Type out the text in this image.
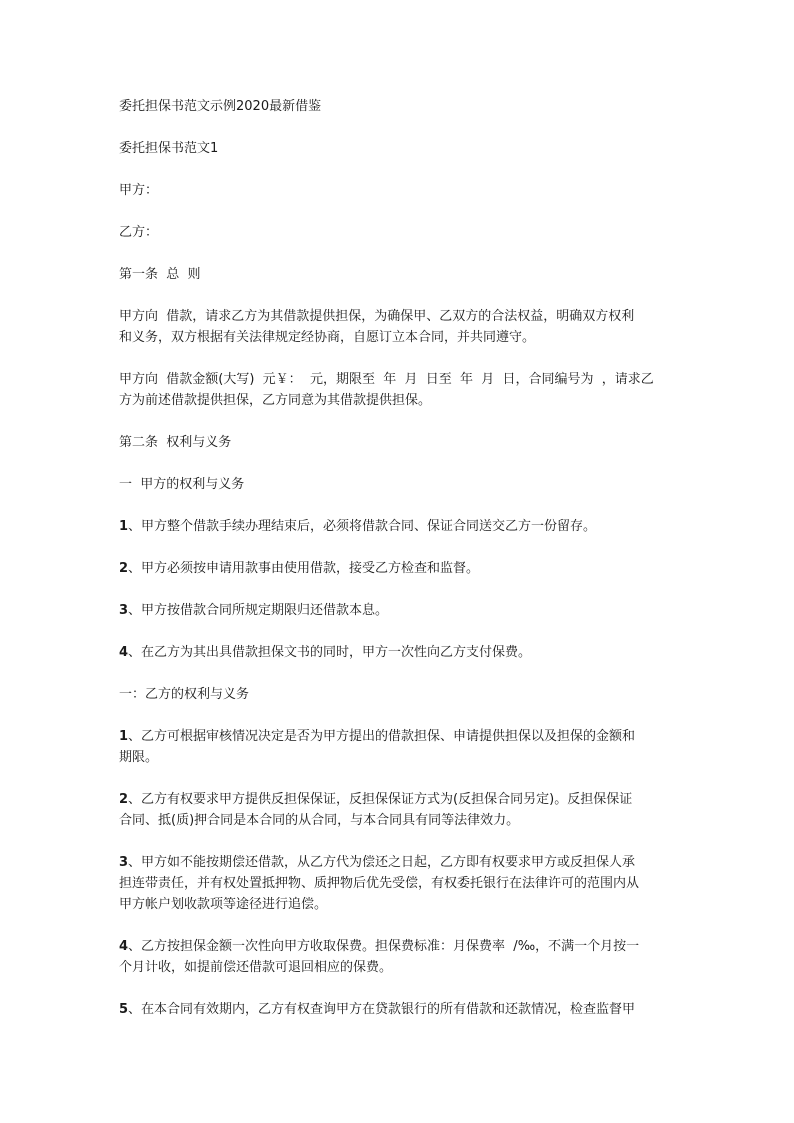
委托担保书范文示例2020最新借鉴
委托担保书范文1
甲方：
乙方：
第一条  总  则
甲方向  借款，请求乙方为其借款提供担保，为确保甲、乙双方的合法权益，明确双方权利
和义务，双方根据有关法律规定经协商，自愿订立本合同，并共同遵守。
甲方向  借款金额(大写)  元￥：  元，期限至  年  月  日至  年  月  日，合同编号为  ，请求乙
方为前述借款提供担保，乙方同意为其借款提供担保。
第二条  权利与义务
一  甲方的权利与义务
1、甲方整个借款手续办理结束后，必须将借款合同、保证合同送交乙方一份留存。
2、甲方必须按申请用款事由使用借款，接受乙方检查和监督。
3、甲方按借款合同所规定期限归还借款本息。
4、在乙方为其出具借款担保文书的同时，甲方一次性向乙方支付保费。
一：乙方的权利与义务
1、乙方可根据审核情况决定是否为甲方提出的借款担保、申请提供担保以及担保的金额和
期限。
2、乙方有权要求甲方提供反担保保证，反担保保证方式为(反担保合同另定)。反担保保证
合同、抵(质)押合同是本合同的从合同，与本合同具有同等法律效力。
3、甲方如不能按期偿还借款，从乙方代为偿还之日起，乙方即有权要求甲方或反担保人承
担连带责任，并有权处置抵押物、质押物后优先受偿，有权委托银行在法律许可的范围内从
甲方帐户划收款项等途径进行追偿。
4、乙方按担保金额一次性向甲方收取保费。担保费标准：月保费率  /‰，不满一个月按一
个月计收，如提前偿还借款可退回相应的保费。
5、在本合同有效期内，乙方有权查询甲方在贷款银行的所有借款和还款情况，检查监督甲
